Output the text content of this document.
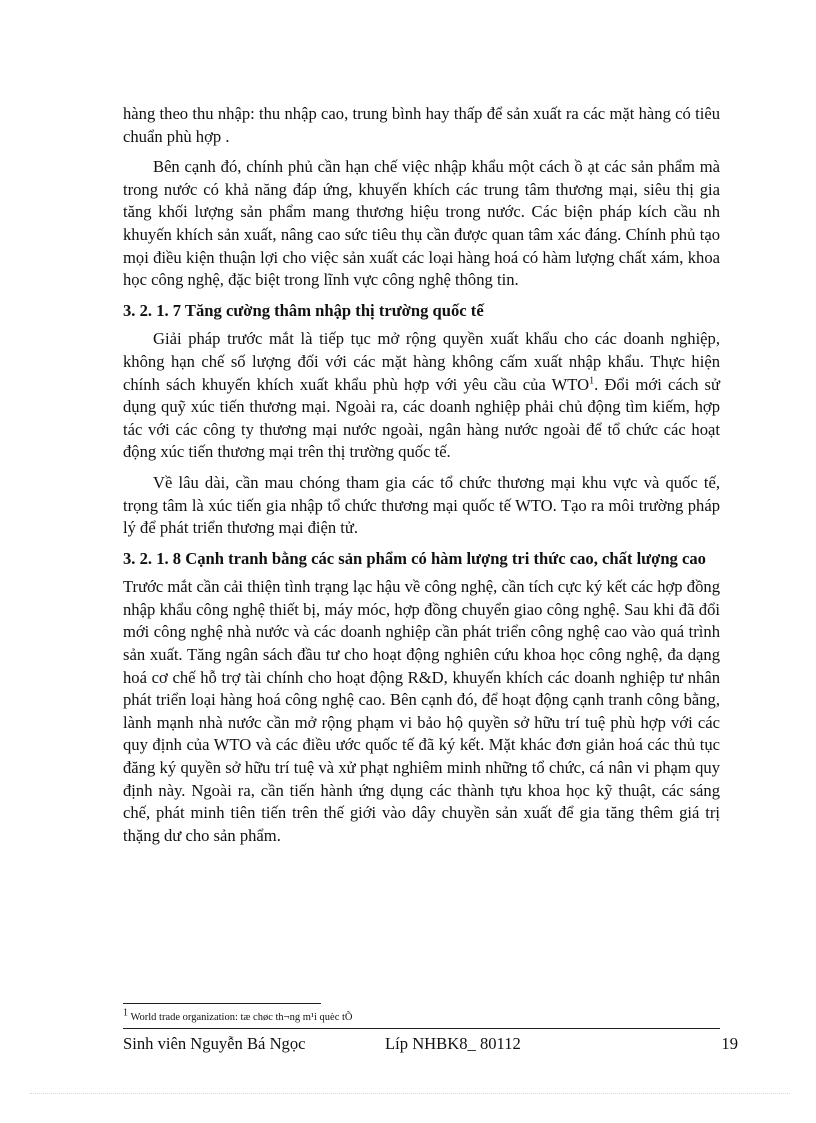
hàng theo thu nhập: thu nhập cao, trung bình hay thấp để sản xuất ra các mặt hàng có tiêu chuẩn phù hợp .

Bên cạnh đó, chính phủ cần hạn chế việc nhập khẩu một cách ồ ạt các sản phẩm mà trong nước có khả năng đáp ứng, khuyến khích các trung tâm thương mại, siêu thị gia tăng khối lượng sản phẩm mang thương hiệu trong nước. Các biện pháp kích cầu nh khuyến khích sản xuất, nâng cao sức tiêu thụ cần được quan tâm xác đáng. Chính phủ tạo mọi điều kiện thuận lợi cho việc sản xuất các loại hàng hoá có hàm lượng chất xám, khoa học công nghệ, đặc biệt trong lĩnh vực công nghệ thông tin.

3. 2. 1. 7 Tăng cường thâm nhập thị trường quốc tế

Giải pháp trước mắt là tiếp tục mở rộng quyền xuất khẩu cho các doanh nghiệp, không hạn chế số lượng đối với các mặt hàng không cấm xuất nhập khẩu. Thực hiện chính sách khuyến khích xuất khẩu phù hợp với yêu cầu của WTO$^1$. Đổi mới cách sử dụng quỹ xúc tiến thương mại. Ngoài ra, các doanh nghiệp phải chủ động tìm kiếm, hợp tác với các công ty thương mại nước ngoài, ngân hàng nước ngoài để tổ chức các hoạt động xúc tiến thương mại trên thị trường quốc tế.

Về lâu dài, cần mau chóng tham gia các tổ chức thương mại khu vực và quốc tế, trọng tâm là xúc tiến gia nhập tổ chức thương mại quốc tế WTO. Tạo ra môi trường pháp lý để phát triển thương mại điện tử.

3. 2. 1. 8 Cạnh tranh bằng các sản phẩm có hàm lượng tri thức cao, chất lượng cao

Trước mắt cần cải thiện tình trạng lạc hậu về công nghệ, cần tích cực ký kết các hợp đồng nhập khẩu công nghệ thiết bị, máy móc, hợp đồng chuyển giao công nghệ. Sau khi đã đổi mới công nghệ nhà nước và các doanh nghiệp cần phát triển công nghệ cao vào quá trình sản xuất. Tăng ngân sách đầu tư cho hoạt động nghiên cứu khoa học công nghệ, đa dạng hoá cơ chế hỗ trợ tài chính cho hoạt động R&D, khuyến khích các doanh nghiệp tư nhân phát triển loại hàng hoá công nghệ cao. Bên cạnh đó, để hoạt động cạnh tranh công bằng, lành mạnh nhà nước cần mở rộng phạm vi bảo hộ quyền sở hữu trí tuệ phù hợp với các quy định của WTO và các điều ước quốc tế đã ký kết. Mặt khác đơn giản hoá các thủ tục đăng ký quyền sở hữu trí tuệ và xử phạt nghiêm minh những tổ chức, cá nân vi phạm quy định này. Ngoài ra, cần tiến hành ứng dụng các thành tựu khoa học kỹ thuật, các sáng chế, phát minh tiên tiến trên thế giới vào dây chuyền sản xuất để gia tăng thêm giá trị thặng dư cho sản phẩm.

$^1$ World trade organization: tæ chøc th¬ng m¹i quèc tÕ
Sinh viên Nguyễn Bá Ngọc	Líp NHBK8_ 80112	19
